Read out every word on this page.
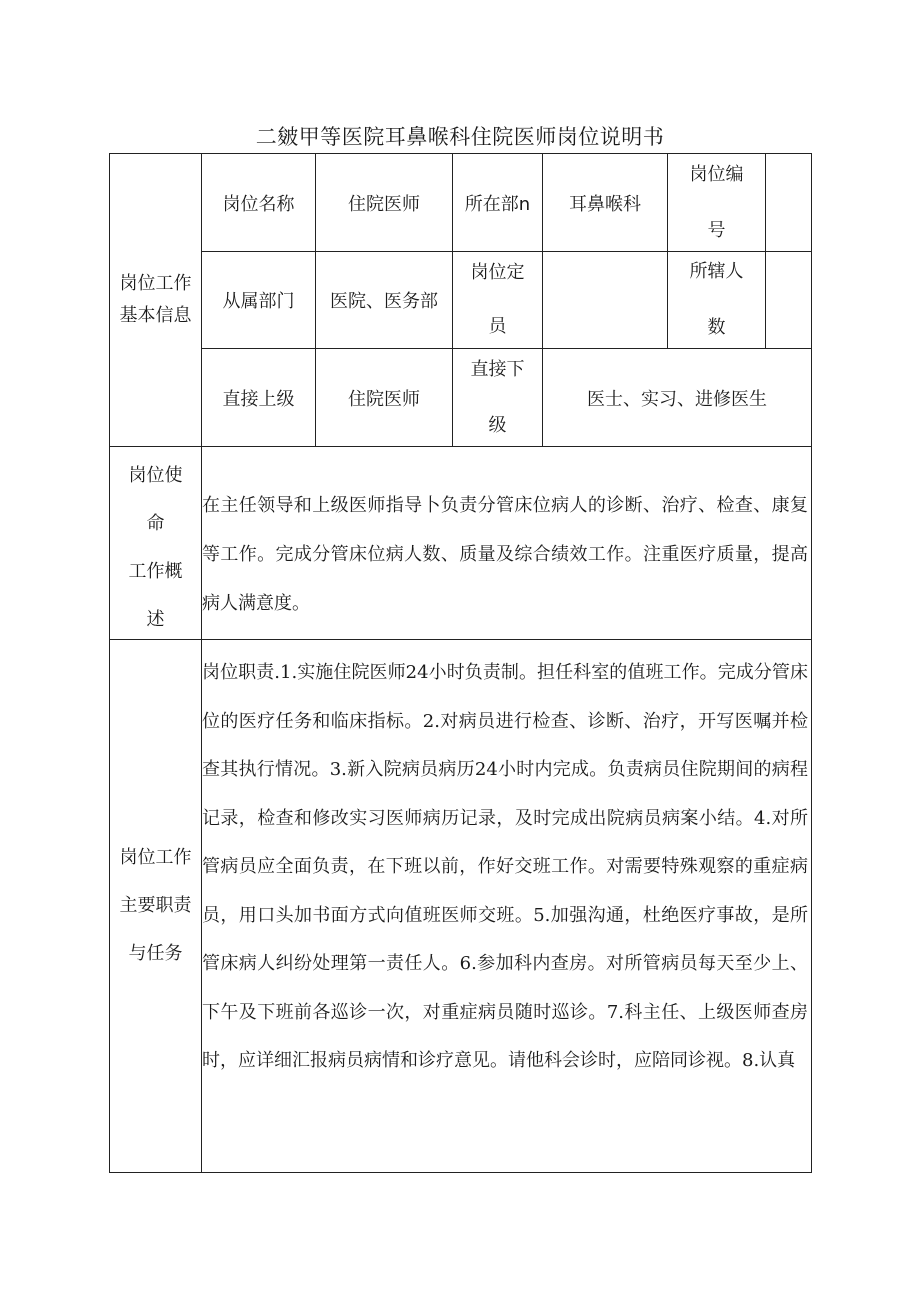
二皴甲等医院耳鼻喉科住院医师岗位说明书
岗位工作
基本信息
岗位名称	住院医师 所在部n 耳鼻喉科
岗位编
号
从属部门 医院、医务部
岗位定
员
所辖人
数
直接上级	住院医师
直接下
级
医士、实习、进修医生
岗位使
命
工作概
述

在主任领导和上级医师指导卜负责分管床位病人的诊断、治疗、检查、康复等工作。完成分管床位病人数、质量及综合绩效工作。注重医疗质量，提高病人满意度。

岗位工作
主要职责
与任务

岗位职责.1.实施住院医师24小时负责制。担任科室的值班工作。完成分管床位的医疗任务和临床指标。2.对病员进行检查、诊断、治疗，开写医嘱并检查其执行情况。3.新入院病员病历24小时内完成。负责病员住院期间的病程记录，检查和修改实习医师病历记录，及时完成出院病员病案小结。4.对所管病员应全面负责，在下班以前，作好交班工作。对需要特殊观察的重症病员，用口头加书面方式向值班医师交班。5.加强沟通，杜绝医疗事故，是所管床病人纠纷处理第一责任人。6.参加科内查房。对所管病员每天至少上、下午及下班前各巡诊一次，对重症病员随时巡诊。7.科主任、上级医师查房时，应详细汇报病员病情和诊疗意见。请他科会诊时，应陪同诊视。8.认真
